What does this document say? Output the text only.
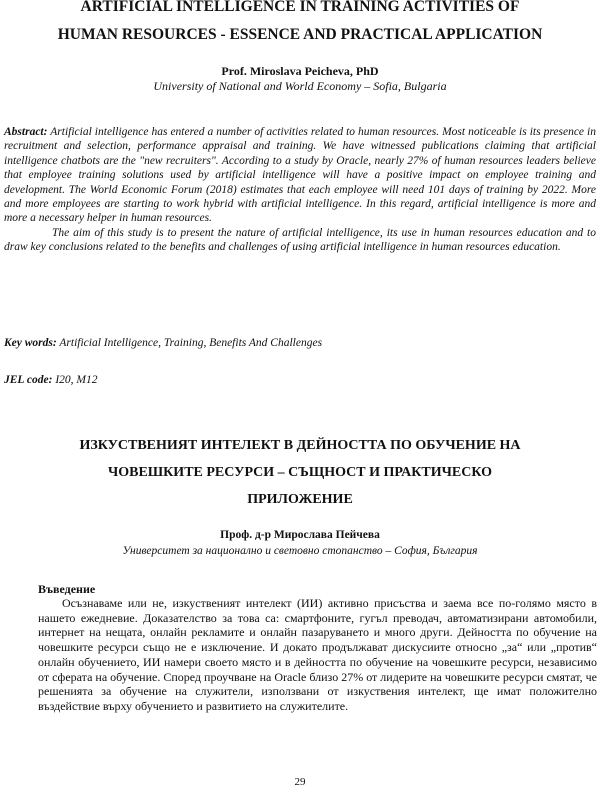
ARTIFICIAL INTELLIGENCE IN TRAINING ACTIVITIES OF
HUMAN RESOURCES - ESSENCE AND PRACTICAL APPLICATION

Prof. Miroslava Peicheva, PhD

University of National and World Economy – Sofia, Bulgaria

Abstract: Artificial intelligence has entered a number of activities related to human resources. Most noticeable is its presence in recruitment and selection, performance appraisal and training. We have witnessed publications claiming that artificial intelligence chatbots are the "new recruiters". According to a study by Oracle, nearly 27% of human resources leaders believe that employee training solutions used by artificial intelligence will have a positive impact on employee training and development. The World Economic Forum (2018) estimates that each employee will need 101 days of training by 2022. More and more employees are starting to work hybrid with artificial intelligence. In this regard, artificial intelligence is more and more a necessary helper in human resources.

The aim of this study is to present the nature of artificial intelligence, its use in human resources education and to draw key conclusions related to the benefits and challenges of using artificial intelligence in human resources education.

Key words: Artificial Intelligence, Training, Benefits And Challenges

JEL code: I20, M12

ИЗКУСТВЕНИЯТ ИНТЕЛЕКТ В ДЕЙНОСТТА ПО ОБУЧЕНИЕ НА
ЧОВЕШКИТЕ РЕСУРСИ – СЪЩНОСТ И ПРАКТИЧЕСКО
ПРИЛОЖЕНИЕ

Проф. д-р Мирослава Пейчева

Университет за национално и световно стопанство – София, България

Въведение

Осъзнаваме или не, изкуственият интелект (ИИ) активно присъства и заема все по-голямо място в нашето ежедневие. Доказателство за това са: смартфоните, гугъл преводач, автоматизирани автомобили, интернет на нещата, онлайн рекламите и онлайн пазаруването и много други. Дейността по обучение на човешките ресурси също не е изключение. И докато продължават дискусиите относно „за“ или „против“ онлайн обучението, ИИ намери своето място и в дейността по обучение на човешките ресурси, независимо от сферата на обучение. Според проучване на Oracle близо 27% от лидерите на човешките ресурси смятат, че решенията за обучение на служители, използвани от изкуствения интелект, ще имат положително въздействие върху обучението и развитието на служителите.

29
